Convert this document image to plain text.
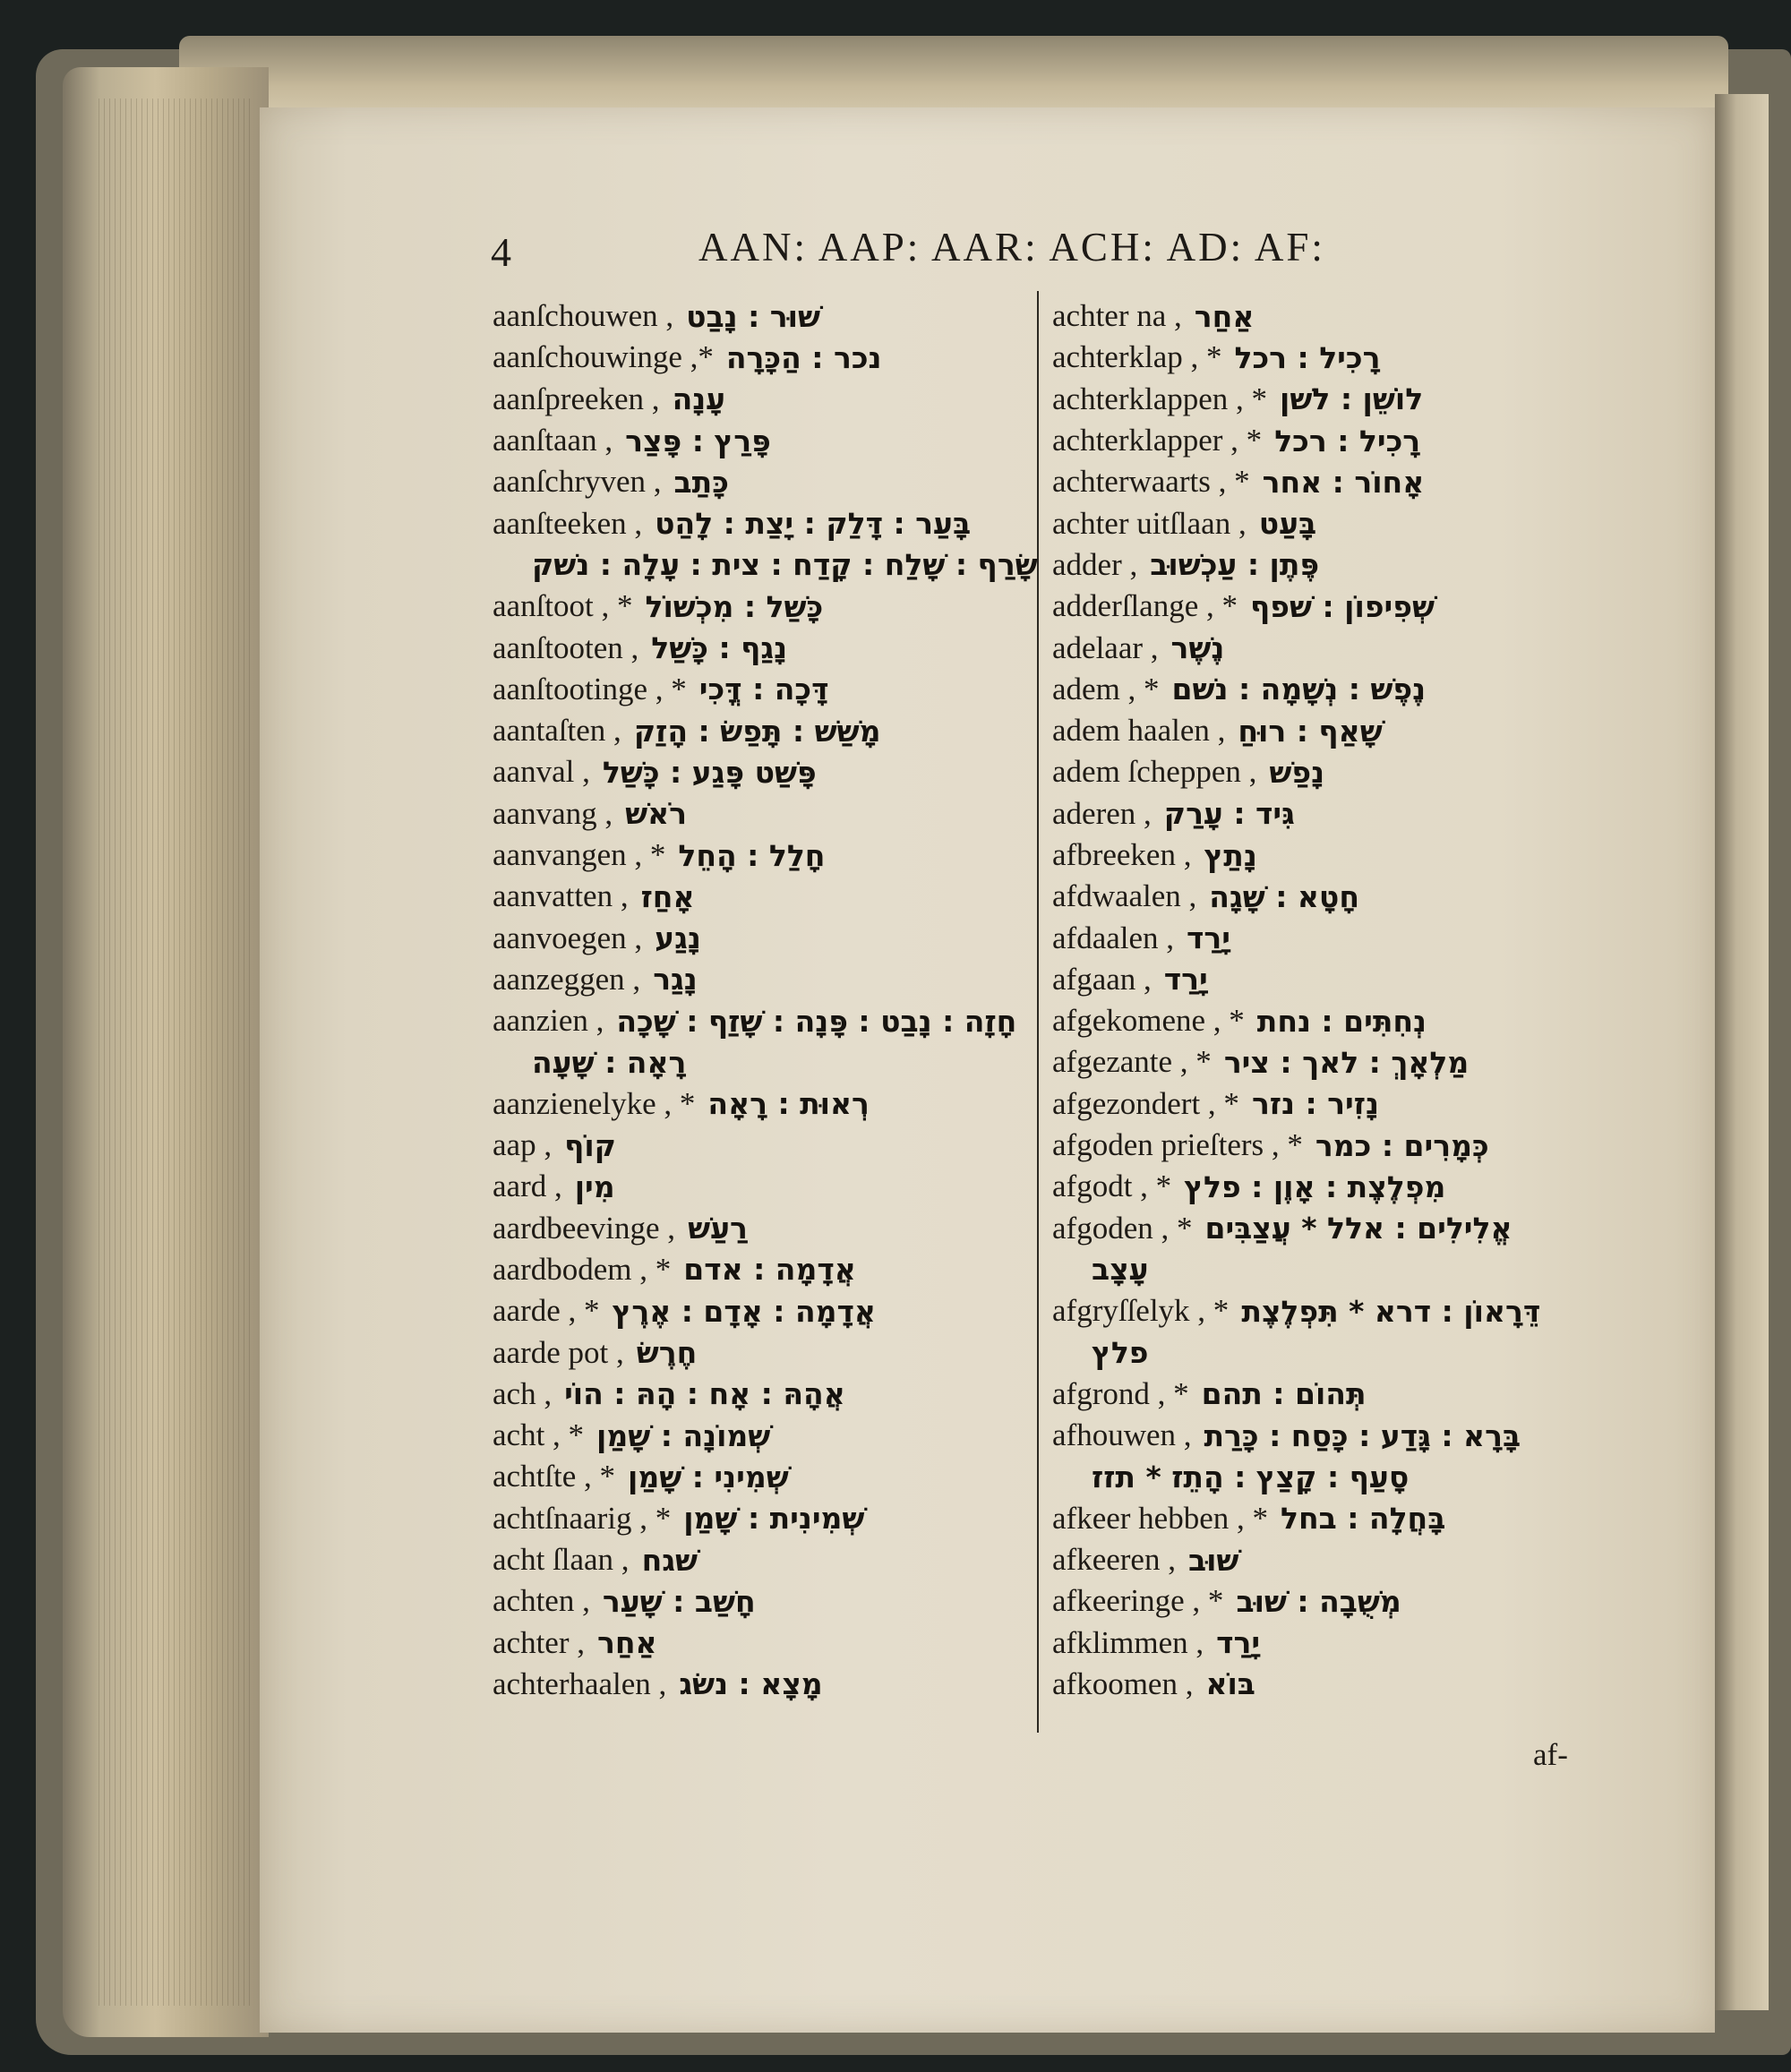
4	AAN: AAP: AAR: ACH: AD: AF:
aanſchouwen , שׁוּר : נָבַט
aanſchouwinge ,* נכר : הַכָּרָה
aanſpreeken , עָנָה
aanſtaan , פָּרַץ : פָּצַר
aanſchryven , כָּתַב
aanſteeken , בָּעַר : דָּלַק : יָצַת : לָהַט
שָׂרַף : שָׁלַח : קָדַח : צית : עָלָה : נשׁק
aanſtoot , * כָּשַׁל : מִכְשׁוֹל
aanſtooten , נָגַף : כָּשַׁל
aanſtootinge , * דָּכָה : דֳּכִי
aantaſten , מָשַׁשׁ : תָּפַשׂ : הָזַק
aanval , פָּשַׁט פָּגַע : כָּשַׁל
aanvang , רֹאשׁ
aanvangen , * חָלַל : הָחֵל
aanvatten , אָחַז
aanvoegen , נָגַע
aanzeggen , נָגַר
aanzien , חָזָה : נָבַט : פָּנָה : שָׁזַף : שָׁכָה
רָאָה : שָׁעָה
aanzienelyke , * רְאוּת : רָאָה
aap , קוֹף
aard , מִין
aardbeevinge , רַעַשׁ
aardbodem , * אֲדָמָה : אדם
aarde , * אֲדָמָה : אָדָם : אֶרֶץ
aarde pot , חֶרֶשׂ
ach , אֲהָהּ : אָח : הָהּ : הוֹי
acht , * שְׁמוֹנָה : שָׁמַן
achtſte , * שְׁמִינִי : שָׁמַן
achtſnaarig , * שְׁמִינִית : שָׁמַן
acht ſlaan , שׁגח
achten , חָשַׁב : שָׁעַר
achter , אַחַר
achterhaalen , מָצָא : נשׂג
achter na , אַחַר
achterklap , * רָכִיל : רכל
achterklappen , * לוֹשֵׁן : לשׁן
achterklapper , * רָכִיל : רכל
achterwaarts , * אָחוֹר : אחר
achter uitſlaan , בָּעַט
adder , פֶּתֶן : עַכְשׁוּב
adderſlange , * שְׁפִיפוֹן : שׁפף
adelaar , נֶשֶׁר
adem , * נֶפֶשׁ : נְשָׁמָה : נשׁם
adem haalen , שָׁאַף : רוּחַ
adem ſcheppen , נָפַשׁ
aderen , גִּיד : עָרַק
afbreeken , נָתַץ
afdwaalen , חָטָא : שָׁגָה
afdaalen , יָרַד
afgaan , יָרַד
afgekomene , * נְחִתִּים : נחת
afgezante , * מַלְאָךְ : לאך : ציר
afgezondert , * נָזִיר : נזר
afgoden prieſters , * כְּמָרִים : כמר
afgodt , * מִפְלֶצֶת : אָוֶן : פלץ
afgoden , * אֱלִילִים : אלל * עֲצַבִּים
עָצָב
afgryſſelyk , * דֵּרָאוֹן : דרא * תִּפְלֶצֶת
פלץ
afgrond , * תְּהוֹם : תהם
afhouwen , בָּרָא : גָּדַע : כָּסַח : כָּרַת
סָעַף : קָצַץ : הָתֵז * תזז
afkeer hebben , * בָּחֲלָה : בחל
afkeeren , שׁוּב
afkeeringe , * מְשֻׁבָה : שׁוּב
afklimmen , יָרַד
afkoomen , בּוֹא
af-
